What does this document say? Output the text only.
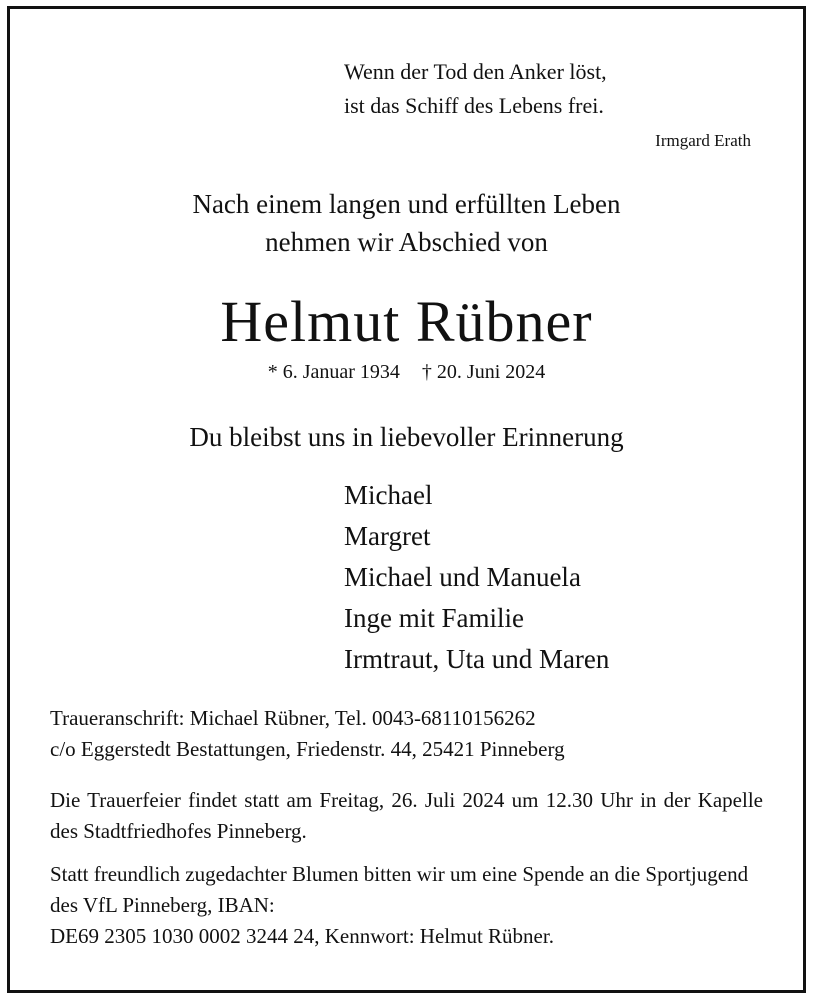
Wenn der Tod den Anker löst,
ist das Schiff des Lebens frei.
Irmgard Erath
Nach einem langen und erfüllten Leben
nehmen wir Abschied von
Helmut Rübner
* 6. Januar 1934 † 20. Juni 2024
Du bleibst uns in liebevoller Erinnerung
Michael
Margret
Michael und Manuela
Inge mit Familie
Irmtraut, Uta und Maren
Traueranschrift: Michael Rübner, Tel. 0043-68110156262
c/o Eggerstedt Bestattungen, Friedenstr. 44, 25421 Pinneberg
Die Trauerfeier findet statt am Freitag, 26. Juli 2024 um 12.30 Uhr in der Kapelle des Stadtfriedhofes Pinneberg.
Statt freundlich zugedachter Blumen bitten wir um eine Spende an die Sportjugend des VfL Pinneberg, IBAN:
DE69 2305 1030 0002 3244 24, Kennwort: Helmut Rübner.
